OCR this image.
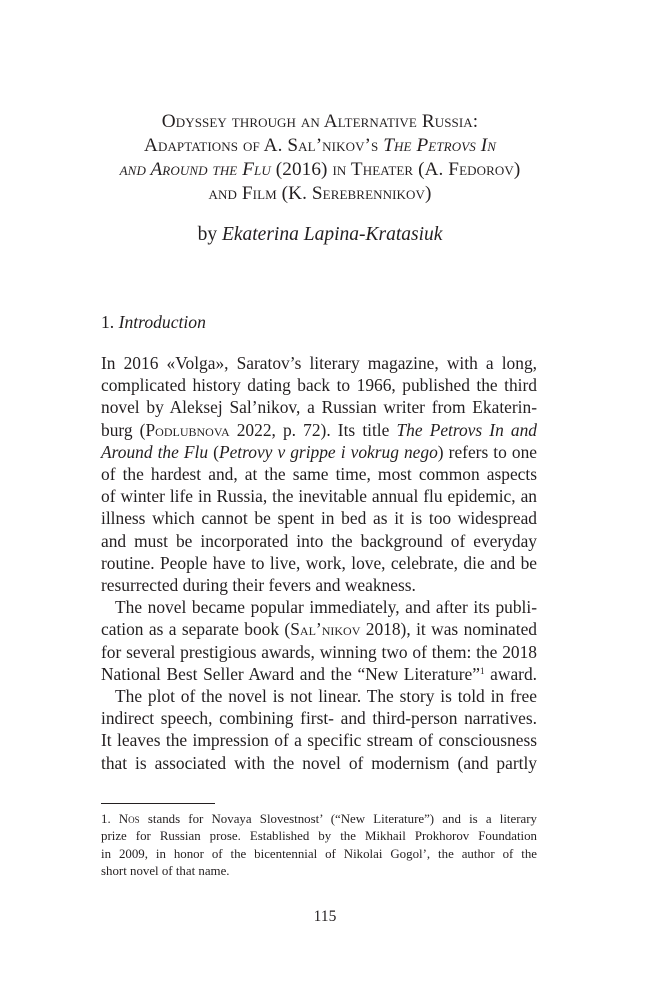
Odyssey through an Alternative Russia:
Adaptations of A. Sal’nikov’s The Petrovs In
and Around the Flu (2016) in Theater (A. Fedorov)
and Film (K. Serebrennikov)
by Ekaterina Lapina-Kratasiuk
1. Introduction
In 2016 «Volga», Saratov’s literary magazine, with a long,
complicated history dating back to 1966, published the third
novel by Aleksej Sal’nikov, a Russian writer from Ekaterin-
burg (Podlubnova 2022, p. 72). Its title The Petrovs In and
Around the Flu (Petrovy v grippe i vokrug nego) refers to one
of the hardest and, at the same time, most common aspects
of winter life in Russia, the inevitable annual flu epidemic, an
illness which cannot be spent in bed as it is too widespread
and must be incorporated into the background of everyday
routine. People have to live, work, love, celebrate, die and be
resurrected during their fevers and weakness.
The novel became popular immediately, and after its publi-
cation as a separate book (Sal’nikov 2018), it was nominated
for several prestigious awards, winning two of them: the 2018
National Best Seller Award and the “New Literature”$^1$ award.
The plot of the novel is not linear. The story is told in free
indirect speech, combining first- and third-person narratives.
It leaves the impression of a specific stream of consciousness
that is associated with the novel of modernism (and partly
1. Nos stands for Novaya Slovestnost’ (“New Literature”) and is a literary
prize for Russian prose. Established by the Mikhail Prokhorov Foundation
in 2009, in honor of the bicentennial of Nikolai Gogol’, the author of the
short novel of that name.
115
